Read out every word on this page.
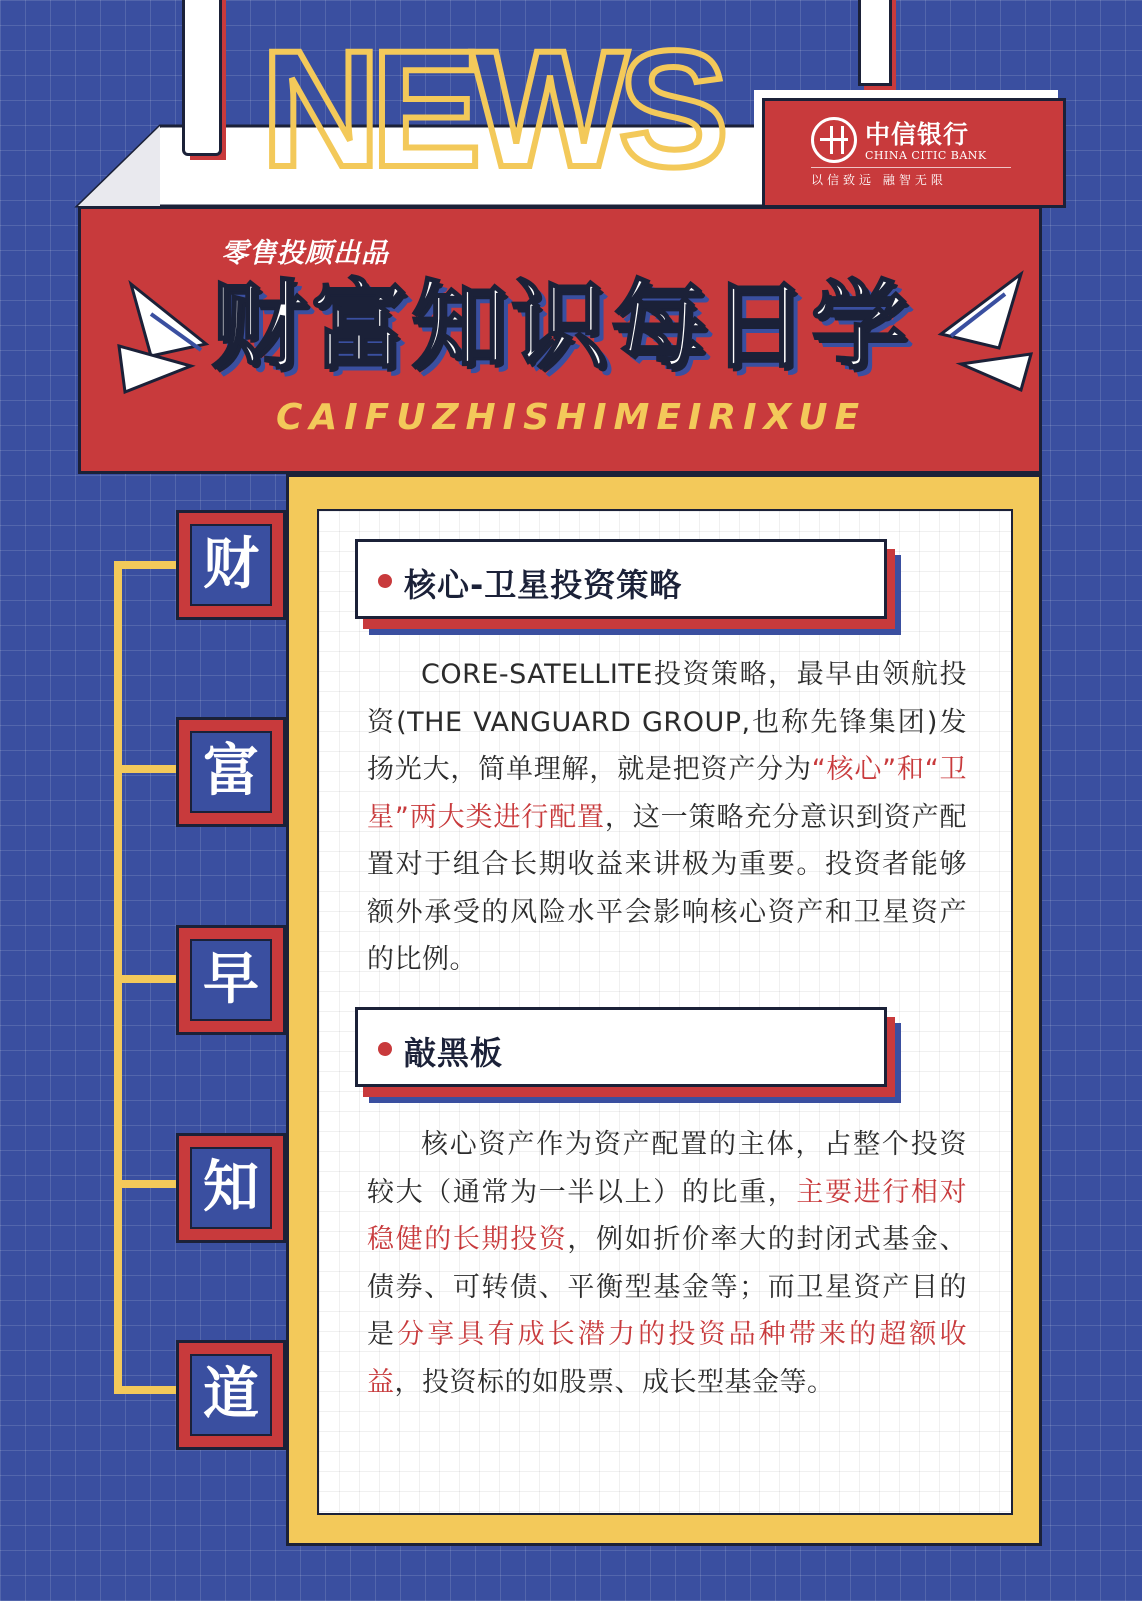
NEWS	中信银行
CHINA CITIC BANK
以信致远 融智无限
零售投顾出品
财富知识每日学
CAIFUZHISHIMEIRIXUE
财
富
早
知
道
核心-卫星投资策略
CORE-SATELLITE投资策略，最早由领航投资(THE VANGUARD GROUP,也称先锋集团)发扬光大，简单理解，就是把资产分为“核心”和“卫星”两大类进行配置，这一策略充分意识到资产配置对于组合长期收益来讲极为重要。投资者能够额外承受的风险水平会影响核心资产和卫星资产的比例。
敲黑板
核心资产作为资产配置的主体，占整个投资较大（通常为一半以上）的比重，主要进行相对稳健的长期投资，例如折价率大的封闭式基金、债券、可转债、平衡型基金等；而卫星资产目的是分享具有成长潜力的投资品种带来的超额收益，投资标的如股票、成长型基金等。
